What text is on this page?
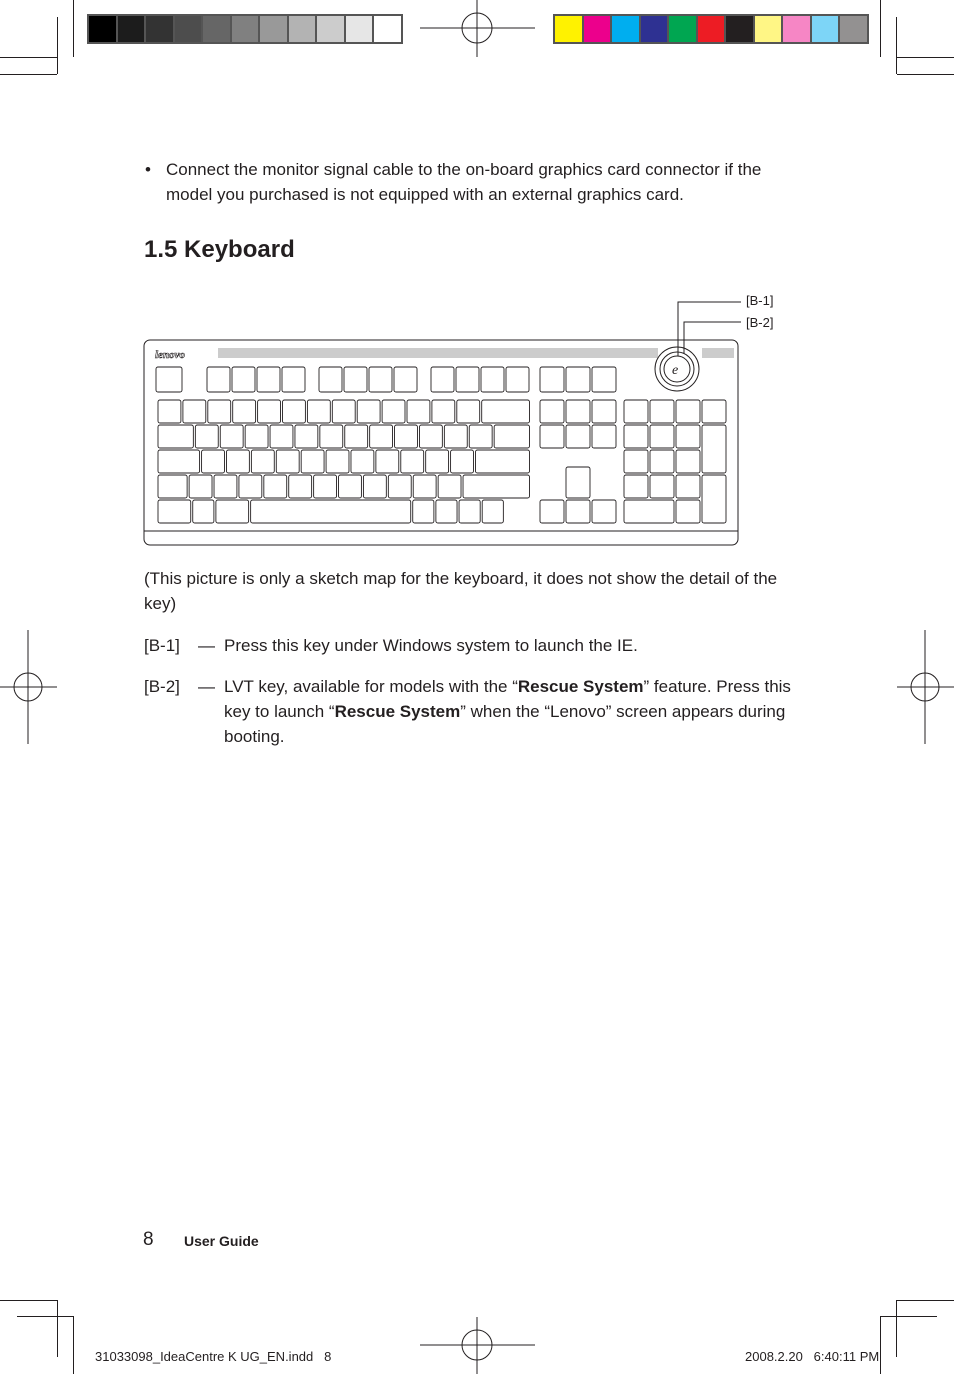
• Connect the monitor signal cable to the on-board graphics card connector if the model you purchased is not equipped with an external graphics card.
1.5 Keyboard
lenovo
e
[B-1]
[B-2]
(This picture is only a sketch map for the keyboard, it does not show the detail of the key)
[B-1] — Press this key under Windows system to launch the IE.
[B-2] — LVT key, available for models with the “Rescue System” feature. Press this key to launch “Rescue System” when the “Lenovo” screen appears during booting.
8 User Guide
31033098_IdeaCentre K UG_EN.indd   8	2008.2.20   6:40:11 PM
